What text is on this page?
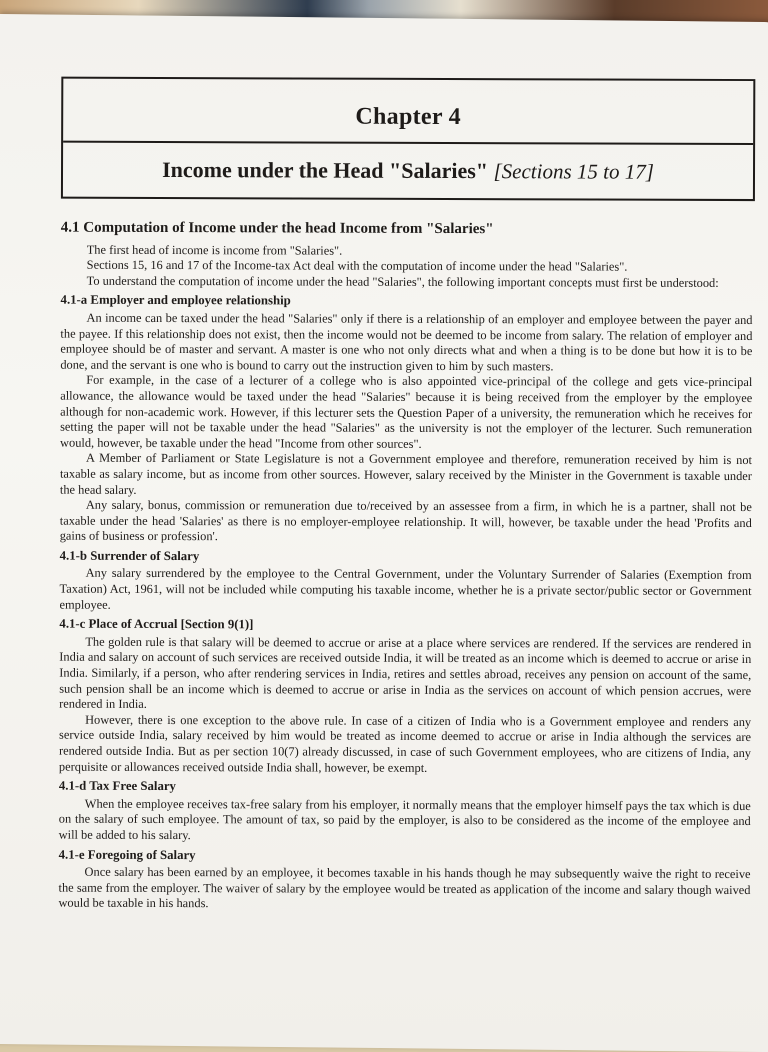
Chapter 4
Income under the Head "Salaries" [Sections 15 to 17]
4.1 Computation of Income under the head Income from "Salaries"

The first head of income is income from "Salaries".

Sections 15, 16 and 17 of the Income-tax Act deal with the computation of income under the head "Salaries".

To understand the computation of income under the head "Salaries", the following important concepts must first be understood:

4.1-a Employer and employee relationship

An income can be taxed under the head "Salaries" only if there is a relationship of an employer and employee between the payer and the payee. If this relationship does not exist, then the income would not be deemed to be income from salary. The relation of employer and employee should be of master and servant. A master is one who not only directs what and when a thing is to be done but how it is to be done, and the servant is one who is bound to carry out the instruction given to him by such masters.

For example, in the case of a lecturer of a college who is also appointed vice-principal of the college and gets vice-principal allowance, the allowance would be taxed under the head "Salaries" because it is being received from the employer by the employee although for non-academic work. However, if this lecturer sets the Question Paper of a university, the remuneration which he receives for setting the paper will not be taxable under the head "Salaries" as the university is not the employer of the lecturer. Such remuneration would, however, be taxable under the head "Income from other sources".

A Member of Parliament or State Legislature is not a Government employee and therefore, remuneration received by him is not taxable as salary income, but as income from other sources. However, salary received by the Minister in the Government is taxable under the head salary.

Any salary, bonus, commission or remuneration due to/received by an assessee from a firm, in which he is a partner, shall not be taxable under the head 'Salaries' as there is no employer-employee relationship. It will, however, be taxable under the head 'Profits and gains of business or profession'.

4.1-b Surrender of Salary

Any salary surrendered by the employee to the Central Government, under the Voluntary Surrender of Salaries (Exemption from Taxation) Act, 1961, will not be included while computing his taxable income, whether he is a private sector/public sector or Government employee.

4.1-c Place of Accrual [Section 9(1)]

The golden rule is that salary will be deemed to accrue or arise at a place where services are rendered. If the services are rendered in India and salary on account of such services are received outside India, it will be treated as an income which is deemed to accrue or arise in India. Similarly, if a person, who after rendering services in India, retires and settles abroad, receives any pension on account of the same, such pension shall be an income which is deemed to accrue or arise in India as the services on account of which pension accrues, were rendered in India.

However, there is one exception to the above rule. In case of a citizen of India who is a Government employee and renders any service outside India, salary received by him would be treated as income deemed to accrue or arise in India although the services are rendered outside India. But as per section 10(7) already discussed, in case of such Government employees, who are citizens of India, any perquisite or allowances received outside India shall, however, be exempt.

4.1-d Tax Free Salary

When the employee receives tax-free salary from his employer, it normally means that the employer himself pays the tax which is due on the salary of such employee. The amount of tax, so paid by the employer, is also to be considered as the income of the employee and will be added to his salary.

4.1-e Foregoing of Salary

Once salary has been earned by an employee, it becomes taxable in his hands though he may subsequently waive the right to receive the same from the employer. The waiver of salary by the employee would be treated as application of the income and salary though waived would be taxable in his hands.
